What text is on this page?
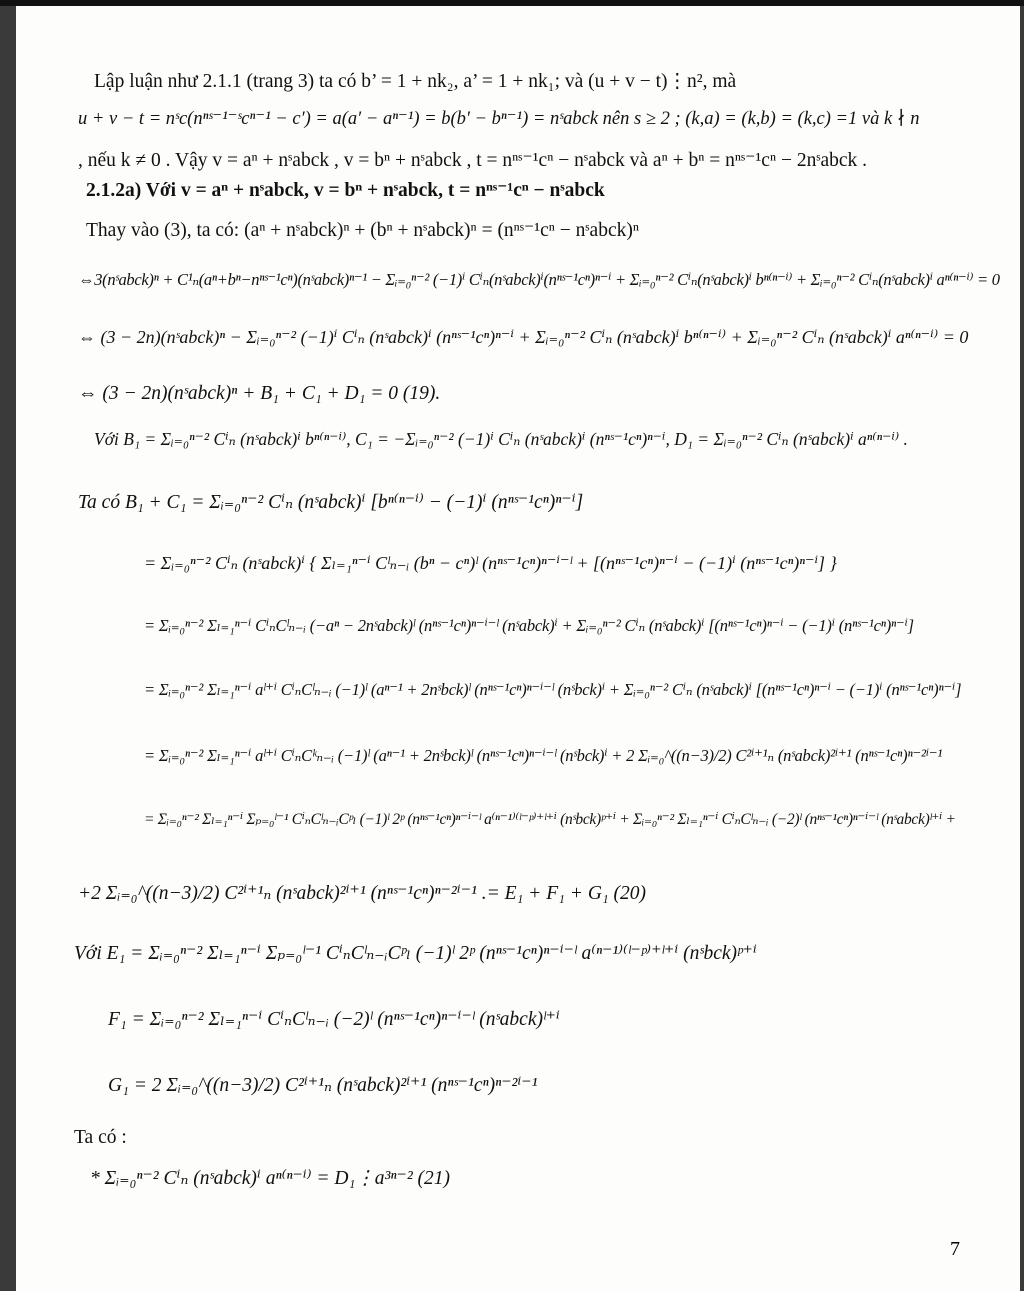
Lập luận như 2.1.1 (trang 3) ta có b’ = 1 + nk₂, a’ = 1 + nk₁; và (u + v − t)⋮n², mà
u + v − t = nˢc(nⁿˢ⁻¹⁻ˢcⁿ⁻¹ − c′) = a(a′ − aⁿ⁻¹) = b(b′ − bⁿ⁻¹) = nˢabck nên s ≥ 2 ; (k,a) = (k,b) = (k,c) =1 và k ∤ n
, nếu k ≠ 0 . Vậy v = aⁿ + nˢabck , v = bⁿ + nˢabck , t = nⁿˢ⁻¹cⁿ − nˢabck và aⁿ + bⁿ = nⁿˢ⁻¹cⁿ − 2nˢabck .
2.1.2a) Với v = aⁿ + nˢabck, v = bⁿ + nˢabck, t = nⁿˢ⁻¹cⁿ − nˢabck
Thay vào (3), ta có: (aⁿ + nˢabck)ⁿ + (bⁿ + nˢabck)ⁿ = (nⁿˢ⁻¹cⁿ − nˢabck)ⁿ
⇔3(nˢabck)ⁿ + C¹ₙ(aⁿ+bⁿ−nⁿˢ⁻¹cⁿ)(nˢabck)ⁿ⁻¹ − Σᵢ₌₀ⁿ⁻² (−1)ⁱ Cⁱₙ(nˢabck)ⁱ(nⁿˢ⁻¹cⁿ)ⁿ⁻ⁱ + Σᵢ₌₀ⁿ⁻² Cⁱₙ(nˢabck)ⁱ bⁿ⁽ⁿ⁻ⁱ⁾ + Σᵢ₌₀ⁿ⁻² Cⁱₙ(nˢabck)ⁱ aⁿ⁽ⁿ⁻ⁱ⁾ = 0
⇔ (3 − 2n)(nˢabck)ⁿ − Σᵢ₌₀ⁿ⁻² (−1)ⁱ Cⁱₙ (nˢabck)ⁱ (nⁿˢ⁻¹cⁿ)ⁿ⁻ⁱ + Σᵢ₌₀ⁿ⁻² Cⁱₙ (nˢabck)ⁱ bⁿ⁽ⁿ⁻ⁱ⁾ + Σᵢ₌₀ⁿ⁻² Cⁱₙ (nˢabck)ⁱ aⁿ⁽ⁿ⁻ⁱ⁾ = 0
⇔ (3 − 2n)(nˢabck)ⁿ + B₁ + C₁ + D₁ = 0 (19).
Với B₁ = Σᵢ₌₀ⁿ⁻² Cⁱₙ (nˢabck)ⁱ bⁿ⁽ⁿ⁻ⁱ⁾, C₁ = −Σᵢ₌₀ⁿ⁻² (−1)ⁱ Cⁱₙ (nˢabck)ⁱ (nⁿˢ⁻¹cⁿ)ⁿ⁻ⁱ, D₁ = Σᵢ₌₀ⁿ⁻² Cⁱₙ (nˢabck)ⁱ aⁿ⁽ⁿ⁻ⁱ⁾ .
Ta có B₁ + C₁ = Σᵢ₌₀ⁿ⁻² Cⁱₙ (nˢabck)ⁱ [bⁿ⁽ⁿ⁻ⁱ⁾ − (−1)ⁱ (nⁿˢ⁻¹cⁿ)ⁿ⁻ⁱ]
= Σᵢ₌₀ⁿ⁻² Cⁱₙ (nˢabck)ⁱ { Σₗ₌₁ⁿ⁻ⁱ Cˡₙ₋ᵢ (bⁿ − cⁿ)ˡ (nⁿˢ⁻¹cⁿ)ⁿ⁻ⁱ⁻ˡ + [(nⁿˢ⁻¹cⁿ)ⁿ⁻ⁱ − (−1)ⁱ (nⁿˢ⁻¹cⁿ)ⁿ⁻ⁱ] }
= Σᵢ₌₀ⁿ⁻² Σₗ₌₁ⁿ⁻ⁱ CⁱₙCˡₙ₋ᵢ (−aⁿ − 2nˢabck)ˡ (nⁿˢ⁻¹cⁿ)ⁿ⁻ⁱ⁻ˡ (nˢabck)ⁱ + Σᵢ₌₀ⁿ⁻² Cⁱₙ (nˢabck)ⁱ [(nⁿˢ⁻¹cⁿ)ⁿ⁻ⁱ − (−1)ⁱ (nⁿˢ⁻¹cⁿ)ⁿ⁻ⁱ]
= Σᵢ₌₀ⁿ⁻² Σₗ₌₁ⁿ⁻ⁱ aˡ⁺ⁱ CⁱₙCˡₙ₋ᵢ (−1)ˡ (aⁿ⁻¹ + 2nˢbck)ˡ (nⁿˢ⁻¹cⁿ)ⁿ⁻ⁱ⁻ˡ (nˢbck)ⁱ + Σᵢ₌₀ⁿ⁻² Cⁱₙ (nˢabck)ⁱ [(nⁿˢ⁻¹cⁿ)ⁿ⁻ⁱ − (−1)ⁱ (nⁿˢ⁻¹cⁿ)ⁿ⁻ⁱ]
= Σᵢ₌₀ⁿ⁻² Σₗ₌₁ⁿ⁻ⁱ aˡ⁺ⁱ CⁱₙCᵏₙ₋ᵢ (−1)ˡ (aⁿ⁻¹ + 2nˢbck)ˡ (nⁿˢ⁻¹cⁿ)ⁿ⁻ⁱ⁻ˡ (nˢbck)ⁱ + 2 Σᵢ₌₀^((n−3)/2) C²ⁱ⁺¹ₙ (nˢabck)²ⁱ⁺¹ (nⁿˢ⁻¹cⁿ)ⁿ⁻²ⁱ⁻¹
= Σᵢ₌₀ⁿ⁻² Σₗ₌₁ⁿ⁻ⁱ Σₚ₌₀ˡ⁻¹ CⁱₙCˡₙ₋ᵢCᵖₗ (−1)ˡ 2ᵖ (nⁿˢ⁻¹cⁿ)ⁿ⁻ⁱ⁻ˡ a⁽ⁿ⁻¹⁾⁽ˡ⁻ᵖ⁾⁺ˡ⁺ⁱ (nˢbck)ᵖ⁺ⁱ + Σᵢ₌₀ⁿ⁻² Σₗ₌₁ⁿ⁻ⁱ CⁱₙCˡₙ₋ᵢ (−2)ˡ (nⁿˢ⁻¹cⁿ)ⁿ⁻ⁱ⁻ˡ (nˢabck)ˡ⁺ⁱ +
+2 Σᵢ₌₀^((n−3)/2) C²ⁱ⁺¹ₙ (nˢabck)²ⁱ⁺¹ (nⁿˢ⁻¹cⁿ)ⁿ⁻²ⁱ⁻¹ .= E₁ + F₁ + G₁ (20)
Với E₁ = Σᵢ₌₀ⁿ⁻² Σₗ₌₁ⁿ⁻ⁱ Σₚ₌₀ˡ⁻¹ CⁱₙCˡₙ₋ᵢCᵖₗ (−1)ˡ 2ᵖ (nⁿˢ⁻¹cⁿ)ⁿ⁻ⁱ⁻ˡ a⁽ⁿ⁻¹⁾⁽ˡ⁻ᵖ⁾⁺ˡ⁺ⁱ (nˢbck)ᵖ⁺ⁱ
F₁ = Σᵢ₌₀ⁿ⁻² Σₗ₌₁ⁿ⁻ⁱ CⁱₙCˡₙ₋ᵢ (−2)ˡ (nⁿˢ⁻¹cⁿ)ⁿ⁻ⁱ⁻ˡ (nˢabck)ˡ⁺ⁱ
G₁ = 2 Σᵢ₌₀^((n−3)/2) C²ⁱ⁺¹ₙ (nˢabck)²ⁱ⁺¹ (nⁿˢ⁻¹cⁿ)ⁿ⁻²ⁱ⁻¹
Ta có :
* Σᵢ₌₀ⁿ⁻² Cⁱₙ (nˢabck)ⁱ aⁿ⁽ⁿ⁻ⁱ⁾ = D₁⋮a³ⁿ⁻² (21)
7
